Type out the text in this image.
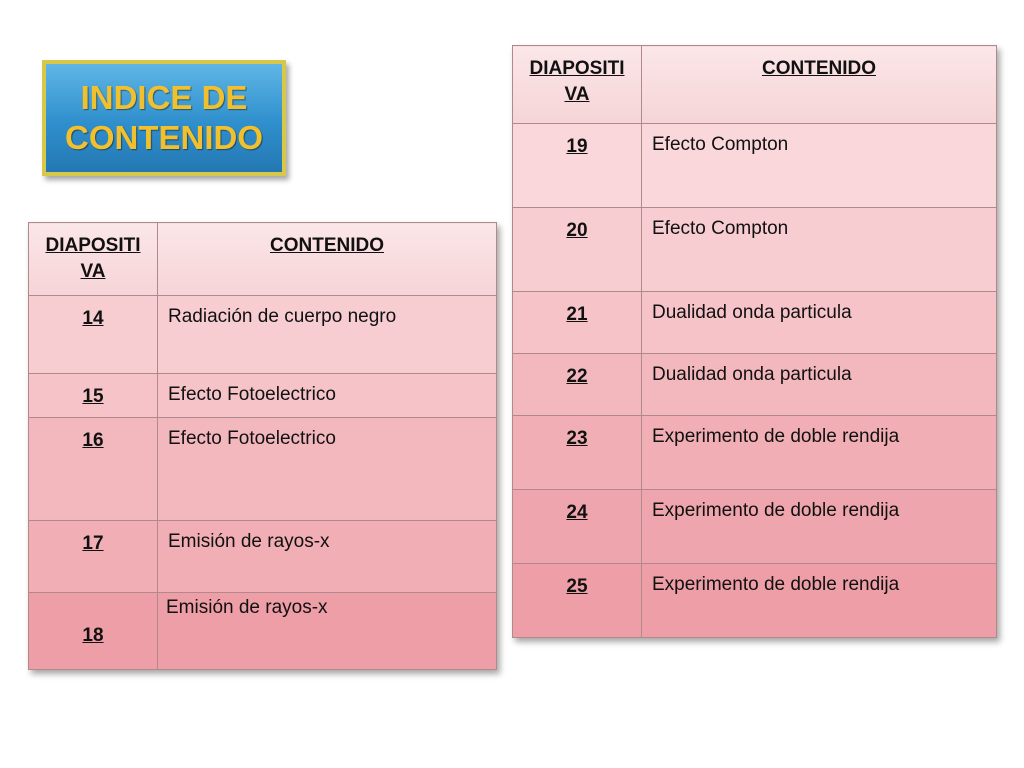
INDICE DE
CONTENIDO
DIAPOSITI
VA	CONTENIDO
14	Radiación de cuerpo negro
15	Efecto Fotoelectrico
16	Efecto Fotoelectrico
17	Emisión de rayos-x
18	Emisión de rayos-x
DIAPOSITI
VA	CONTENIDO
19	Efecto Compton
20	Efecto Compton
21	Dualidad onda particula
22	Dualidad onda particula
23	Experimento de doble rendija
24	Experimento de doble rendija
25	Experimento de doble rendija
